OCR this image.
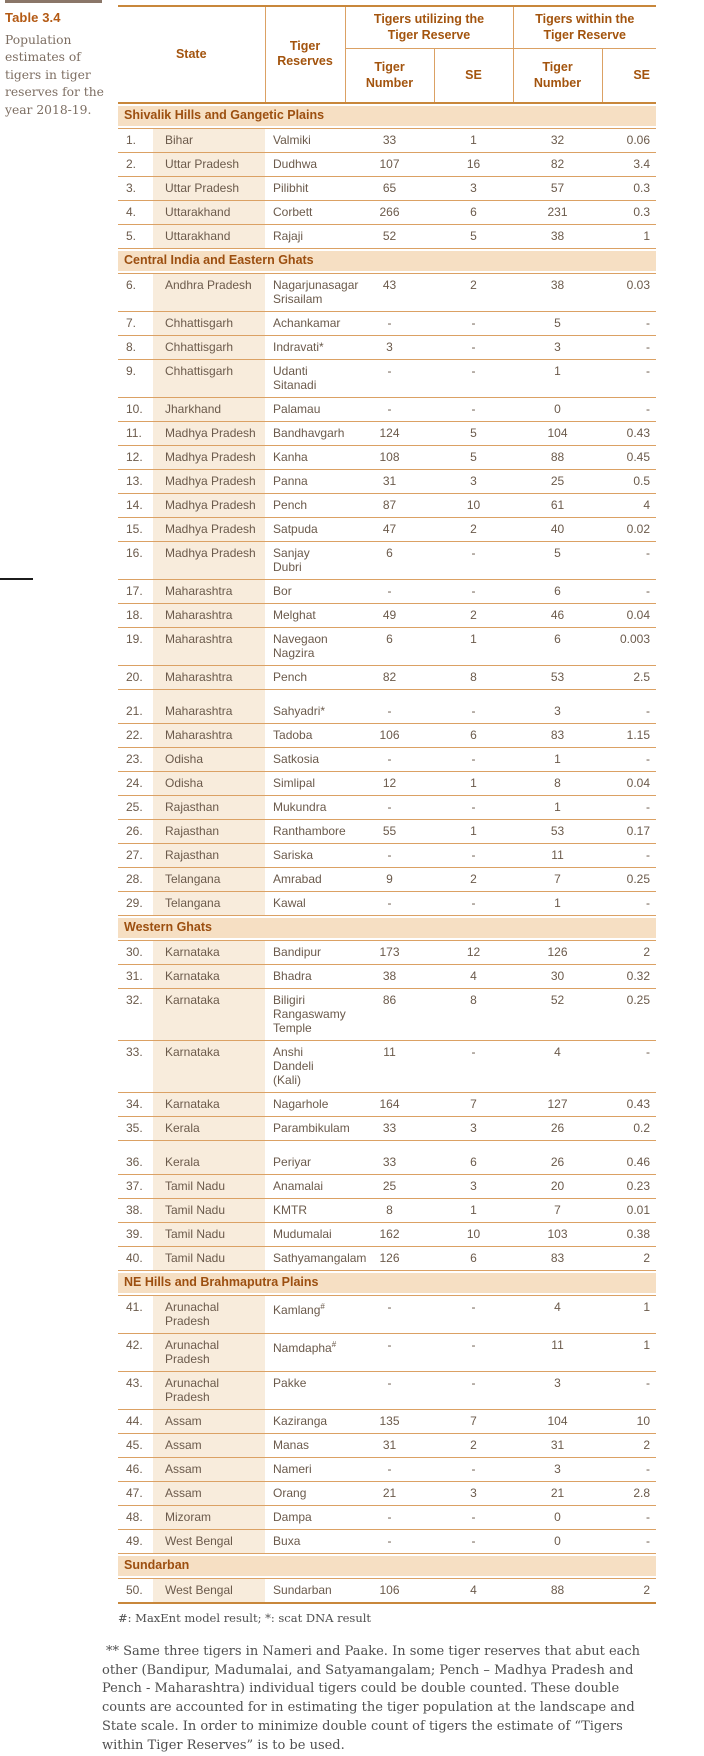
Table 3.4

Population estimates of tigers in tiger reserves for the year 2018-19.

State		Tiger Reserves	Tigers utilizing the Tiger Reserve		Tigers within the Tiger Reserve	
			Tiger Number	SE	Tiger Number	SE

Shivalik Hills and Gangetic Plains						

1.	Bihar	Valmiki	33	1	32	0.06
2.	Uttar Pradesh	Dudhwa	107	16	82	3.4
3.	Uttar Pradesh	Pilibhit	65	3	57	0.3
4.	Uttarakhand	Corbett	266	6	231	0.3
5.	Uttarakhand	Rajaji	52	5	38	1

Central India and Eastern Ghats						

6.	Andhra Pradesh	Nagarjunasagar Srisailam	43	2	38	0.03
7.	Chhattisgarh	Achankamar	-	-	5	-
8.	Chhattisgarh	Indravati*	3	-	3	-
9.	Chhattisgarh	Udanti Sitanadi	-	-	1	-
10.	Jharkhand	Palamau	-	-	0	-
11.	Madhya Pradesh	Bandhavgarh	124	5	104	0.43
12.	Madhya Pradesh	Kanha	108	5	88	0.45
13.	Madhya Pradesh	Panna	31	3	25	0.5
14.	Madhya Pradesh	Pench	87	10	61	4
15.	Madhya Pradesh	Satpuda	47	2	40	0.02
16.	Madhya Pradesh	Sanjay Dubri	6	-	5	-
17.	Maharashtra	Bor	-	-	6	-
18.	Maharashtra	Melghat	49	2	46	0.04
19.	Maharashtra	Navegaon Nagzira	6	1	6	0.003
20.	Maharashtra	Pench	82	8	53	2.5
21.	Maharashtra	Sahyadri*	-	-	3	-
22.	Maharashtra	Tadoba	106	6	83	1.15
23.	Odisha	Satkosia	-	-	1	-
24.	Odisha	Simlipal	12	1	8	0.04
25.	Rajasthan	Mukundra	-	-	1	-
26.	Rajasthan	Ranthambore	55	1	53	0.17
27.	Rajasthan	Sariska	-	-	11	-
28.	Telangana	Amrabad	9	2	7	0.25
29.	Telangana	Kawal	-	-	1	-

Western Ghats						

30.	Karnataka	Bandipur	173	12	126	2
31.	Karnataka	Bhadra	38	4	30	0.32
32.	Karnataka	Biligiri Rangaswamy Temple	86	8	52	0.25
33.	Karnataka	Anshi Dandeli (Kali)	11	-	4	-
34.	Karnataka	Nagarhole	164	7	127	0.43
35.	Kerala	Parambikulam	33	3	26	0.2
36.	Kerala	Periyar	33	6	26	0.46
37.	Tamil Nadu	Anamalai	25	3	20	0.23
38.	Tamil Nadu	KMTR	8	1	7	0.01
39.	Tamil Nadu	Mudumalai	162	10	103	0.38
40.	Tamil Nadu	Sathyamangalam	126	6	83	2

NE Hills and Brahmaputra Plains						

41.	Arunachal Pradesh	Kamlang#	-	-	4	1
42.	Arunachal Pradesh	Namdapha#	-	-	11	1
43.	Arunachal Pradesh	Pakke	-	-	3	-
44.	Assam	Kaziranga	135	7	104	10
45.	Assam	Manas	31	2	31	2
46.	Assam	Nameri	-	-	3	-
47.	Assam	Orang	21	3	21	2.8
48.	Mizoram	Dampa	-	-	0	-
49.	West Bengal	Buxa	-	-	0	-

Sundarban						

50.	West Bengal	Sundarban	106	4	88	2

#: MaxEnt model result; *: scat DNA result

** Same three tigers in Nameri and Paake. In some tiger reserves that abut each other (Bandipur, Madumalai, and Satyamangalam; Pench – Madhya Pradesh and Pench - Maharashtra) individual tigers could be double counted. These double counts are accounted for in estimating the tiger population at the landscape and State scale. In order to minimize double count of tigers the estimate of “Tigers within Tiger Reserves” is to be used.
